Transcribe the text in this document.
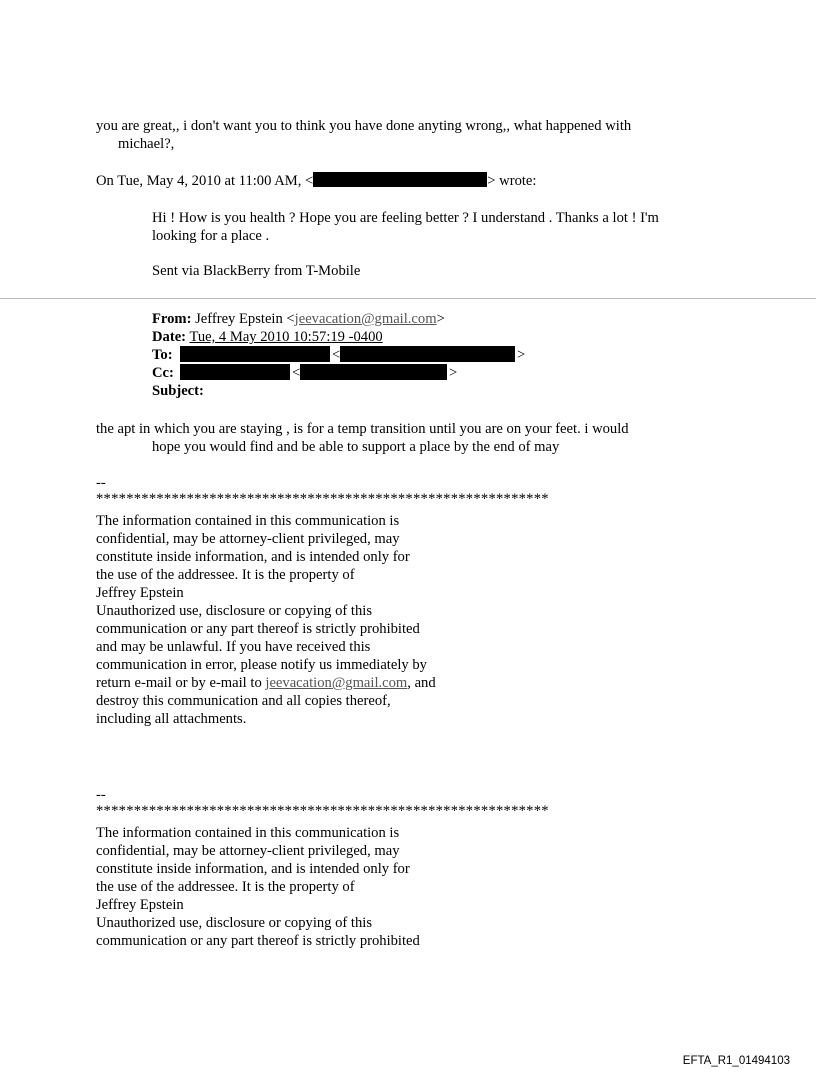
you are great,, i don't want you to think you have done anyting wrong,, what happened with
michael?,
On Tue, May 4, 2010 at 11:00 AM, <	> wrote:
Hi ! How is you health ? Hope you are feeling better ? I understand . Thanks a lot ! I'm
looking for a place .
Sent via BlackBerry from T-Mobile
From: Jeffrey Epstein <jeevacation@gmail.com>
Date: Tue, 4 May 2010 10:57:19 -0400
To:	<	>
Cc:	<	>
Subject:
the apt in which you are staying , is for a temp transition until you are on your feet. i would
hope you would find and be able to support a place by the end of may
--
************************************************************
The information contained in this communication is
confidential, may be attorney-client privileged, may
constitute inside information, and is intended only for
the use of the addressee. It is the property of
Jeffrey Epstein
Unauthorized use, disclosure or copying of this
communication or any part thereof is strictly prohibited
and may be unlawful. If you have received this
communication in error, please notify us immediately by
return e-mail or by e-mail to jeevacation@gmail.com, and
destroy this communication and all copies thereof,
including all attachments.
--
************************************************************
The information contained in this communication is
confidential, may be attorney-client privileged, may
constitute inside information, and is intended only for
the use of the addressee. It is the property of
Jeffrey Epstein
Unauthorized use, disclosure or copying of this
communication or any part thereof is strictly prohibited
EFTA_R1_01494103
